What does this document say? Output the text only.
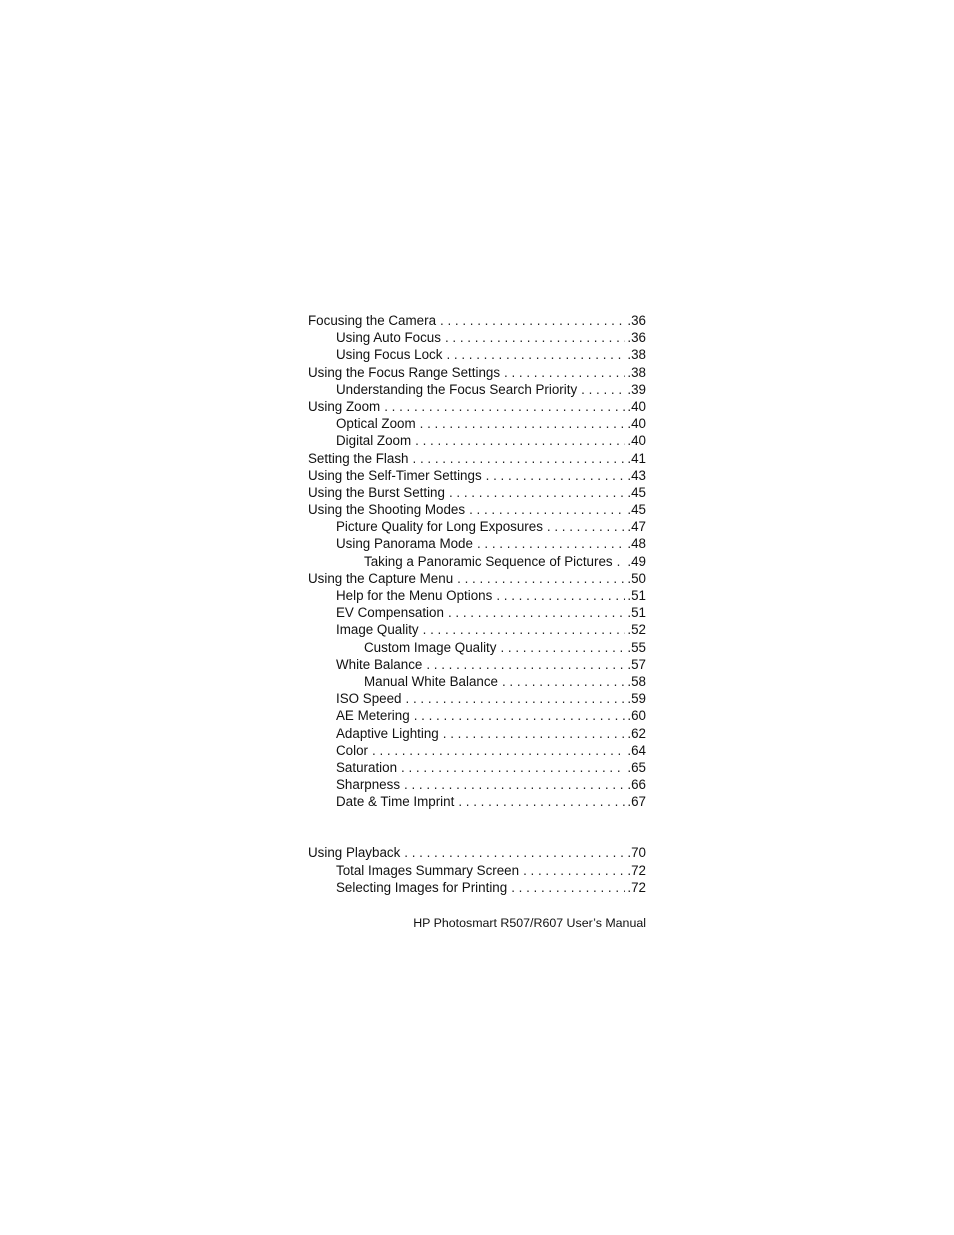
Focusing the Camera . . .	.36
Using Auto Focus . . .	.36
Using Focus Lock . . .	.38
Using the Focus Range Settings . . .	.38
Understanding the Focus Search Priority . . .	.39
Using Zoom . . .	.40
Optical Zoom . . .	.40
Digital Zoom . . .	.40
Setting the Flash . . .	.41
Using the Self-Timer Settings . . .	.43
Using the Burst Setting . . .	.45
Using the Shooting Modes . . .	.45
Picture Quality for Long Exposures . . .	.47
Using Panorama Mode . . .	.48
Taking a Panoramic Sequence of Pictures . . . .49
Using the Capture Menu . . .	.50
Help for the Menu Options . . .	.51
EV Compensation . . .	.51
Image Quality . . .	.52
Custom Image Quality . . .	.55
White Balance . . .	.57
Manual White Balance . . .	.58
ISO Speed . . .	.59
AE Metering . . .	.60
Adaptive Lighting . . .	.62
Color . . .	.64
Saturation . . .	.65
Sharpness . . .	.66
Date & Time Imprint . . .	.67
Using Playback . . .	.70
Total Images Summary Screen . . .	.72
Selecting Images for Printing . . .	.72
HP Photosmart R507/R607 User’s Manual
